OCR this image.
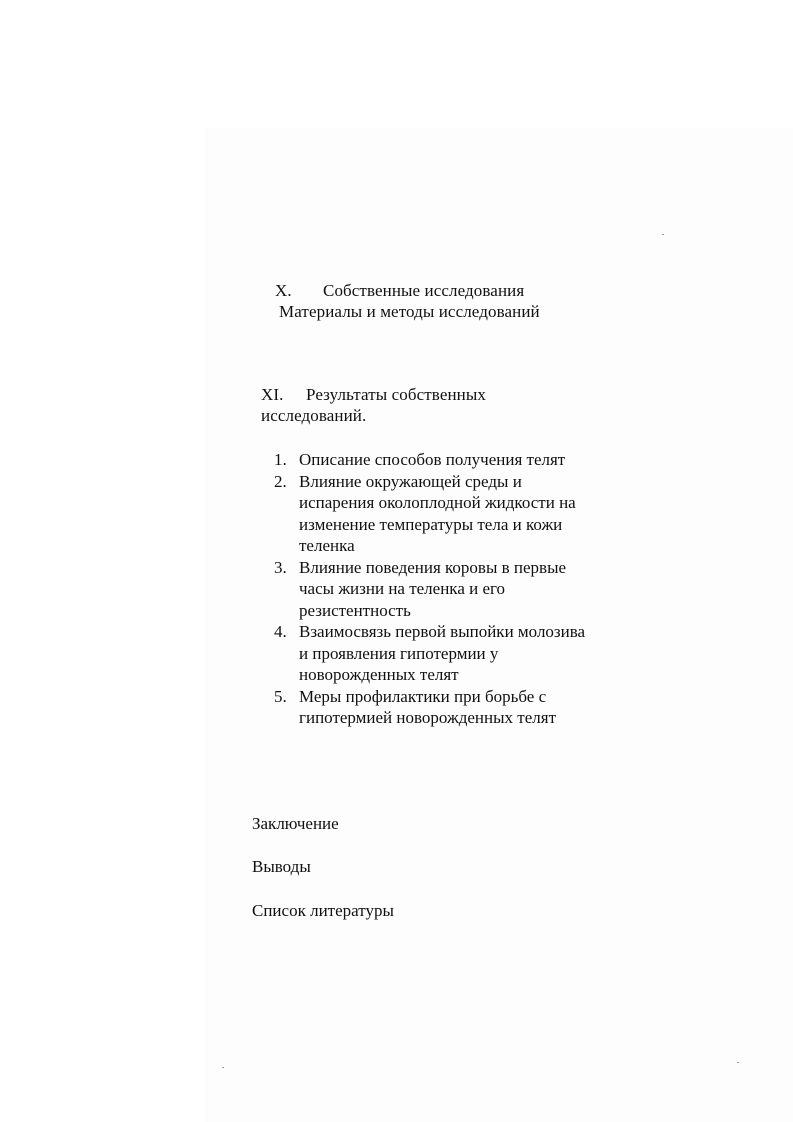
X. Собственные исследования
Материалы и методы исследований
XI. Результаты собственных
исследований.
1. Описание способов получения телят
2. Влияние окружающей среды и испарения околоплодной жидкости на изменение температуры тела и кожи теленка
3. Влияние поведения коровы в первые часы жизни на теленка и его резистентность
4. Взаимосвязь первой выпойки молозива и проявления гипотермии у новорожденных телят
5. Меры профилактики при борьбе с гипотермией новорожденных телят
Заключение
Выводы
Список литературы
